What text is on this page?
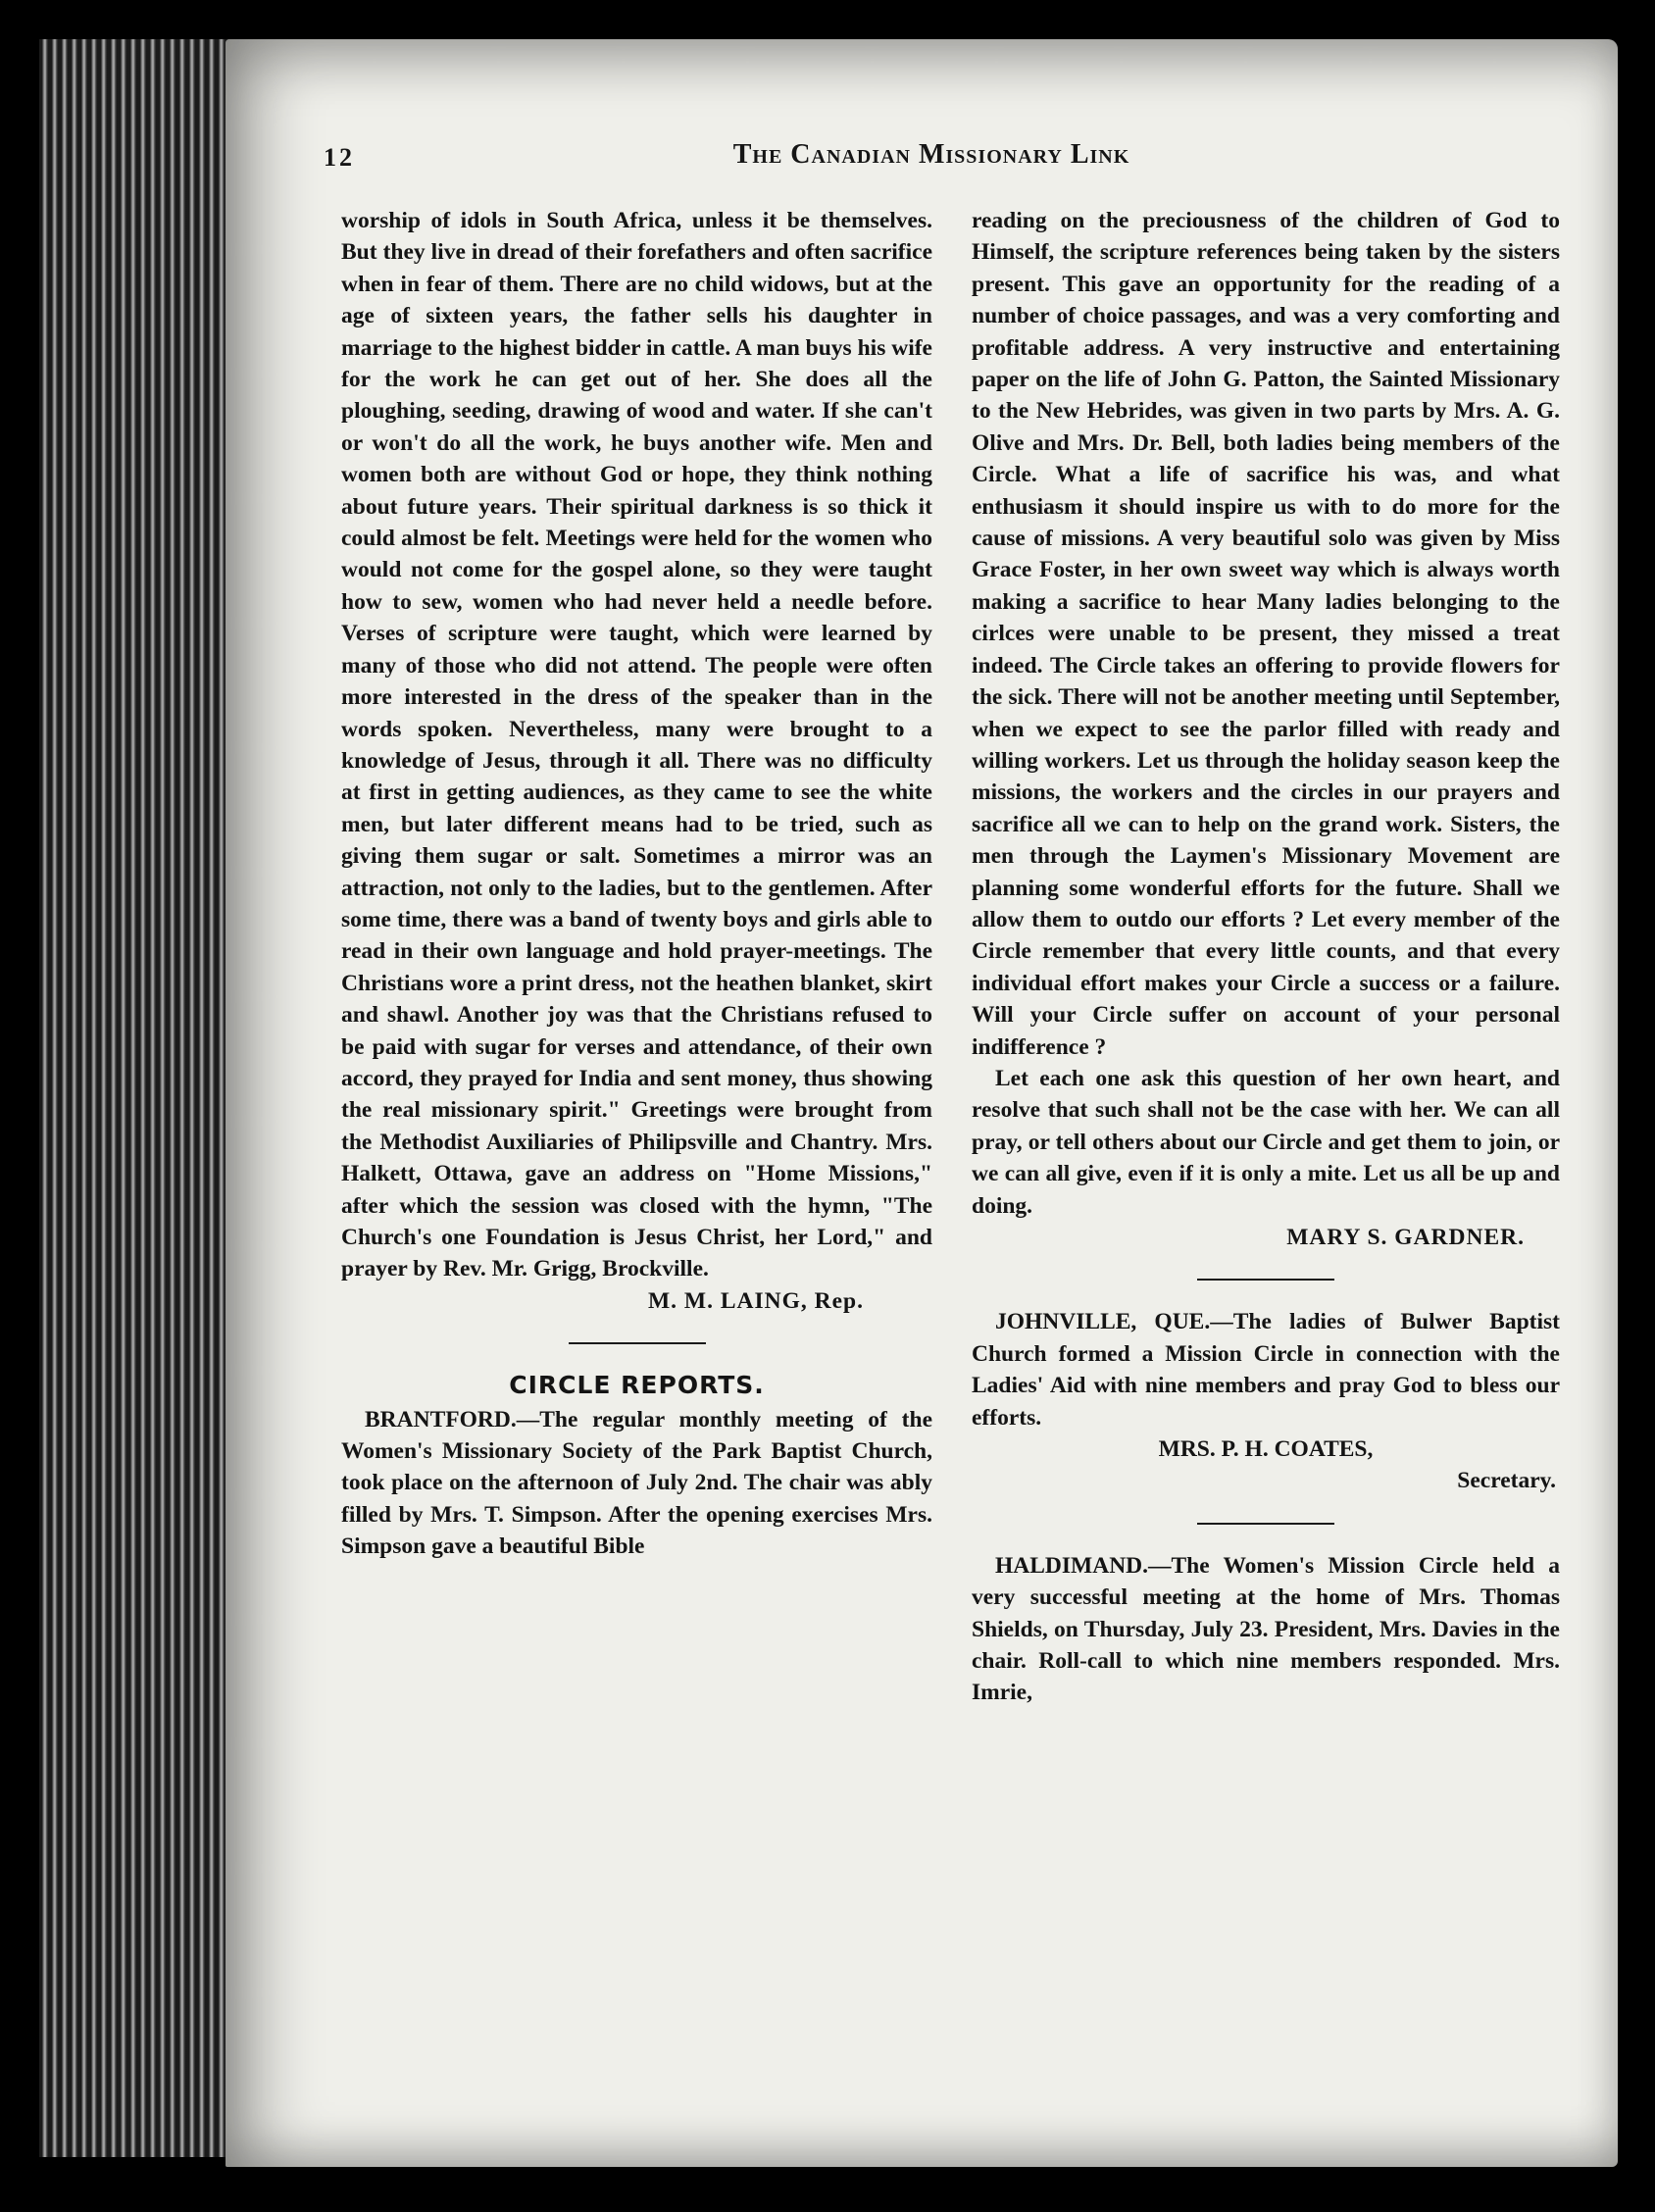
12	The Canadian Missionary Link

worship of idols in South Africa, unless it be themselves. But they live in dread of their forefathers and often sacrifice when in fear of them. There are no child widows, but at the age of sixteen years, the father sells his daughter in marriage to the highest bidder in cattle. A man buys his wife for the work he can get out of her. She does all the ploughing, seeding, drawing of wood and water. If she can't or won't do all the work, he buys another wife. Men and women both are without God or hope, they think nothing about future years. Their spiritual darkness is so thick it could almost be felt. Meetings were held for the women who would not come for the gospel alone, so they were taught how to sew, women who had never held a needle before. Verses of scripture were taught, which were learned by many of those who did not attend. The people were often more interested in the dress of the speaker than in the words spoken. Nevertheless, many were brought to a knowledge of Jesus, through it all. There was no difficulty at first in getting audiences, as they came to see the white men, but later different means had to be tried, such as giving them sugar or salt. Sometimes a mirror was an attraction, not only to the ladies, but to the gentlemen. After some time, there was a band of twenty boys and girls able to read in their own language and hold prayer-meetings. The Christians wore a print dress, not the heathen blanket, skirt and shawl. Another joy was that the Christians refused to be paid with sugar for verses and attendance, of their own accord, they prayed for India and sent money, thus showing the real missionary spirit." Greetings were brought from the Methodist Auxiliaries of Philipsville and Chantry. Mrs. Halkett, Ottawa, gave an address on "Home Missions," after which the session was closed with the hymn, "The Church's one Foundation is Jesus Christ, her Lord," and prayer by Rev. Mr. Grigg, Brockville.

M. M. LAING, Rep.

CIRCLE REPORTS.

BRANTFORD.—The regular monthly meeting of the Women's Missionary Society of the Park Baptist Church, took place on the afternoon of July 2nd. The chair was ably filled by Mrs. T. Simpson. After the opening exercises Mrs. Simpson gave a beautiful Bible

reading on the preciousness of the children of God to Himself, the scripture references being taken by the sisters present. This gave an opportunity for the reading of a number of choice passages, and was a very comforting and profitable address. A very instructive and entertaining paper on the life of John G. Patton, the Sainted Missionary to the New Hebrides, was given in two parts by Mrs. A. G. Olive and Mrs. Dr. Bell, both ladies being members of the Circle. What a life of sacrifice his was, and what enthusiasm it should inspire us with to do more for the cause of missions. A very beautiful solo was given by Miss Grace Foster, in her own sweet way which is always worth making a sacrifice to hear Many ladies belonging to the cirlces were unable to be present, they missed a treat indeed. The Circle takes an offering to provide flowers for the sick. There will not be another meeting until September, when we expect to see the parlor filled with ready and willing workers. Let us through the holiday season keep the missions, the workers and the circles in our prayers and sacrifice all we can to help on the grand work. Sisters, the men through the Laymen's Missionary Movement are planning some wonderful efforts for the future. Shall we allow them to outdo our efforts ? Let every member of the Circle remember that every little counts, and that every individual effort makes your Circle a success or a failure. Will your Circle suffer on account of your personal indifference ?

Let each one ask this question of her own heart, and resolve that such shall not be the case with her. We can all pray, or tell others about our Circle and get them to join, or we can all give, even if it is only a mite. Let us all be up and doing.

MARY S. GARDNER.

JOHNVILLE, QUE.—The ladies of Bulwer Baptist Church formed a Mission Circle in connection with the Ladies' Aid with nine members and pray God to bless our efforts.

MRS. P. H. COATES,

Secretary.

HALDIMAND.—The Women's Mission Circle held a very successful meeting at the home of Mrs. Thomas Shields, on Thursday, July 23. President, Mrs. Davies in the chair. Roll-call to which nine members responded. Mrs. Imrie,
